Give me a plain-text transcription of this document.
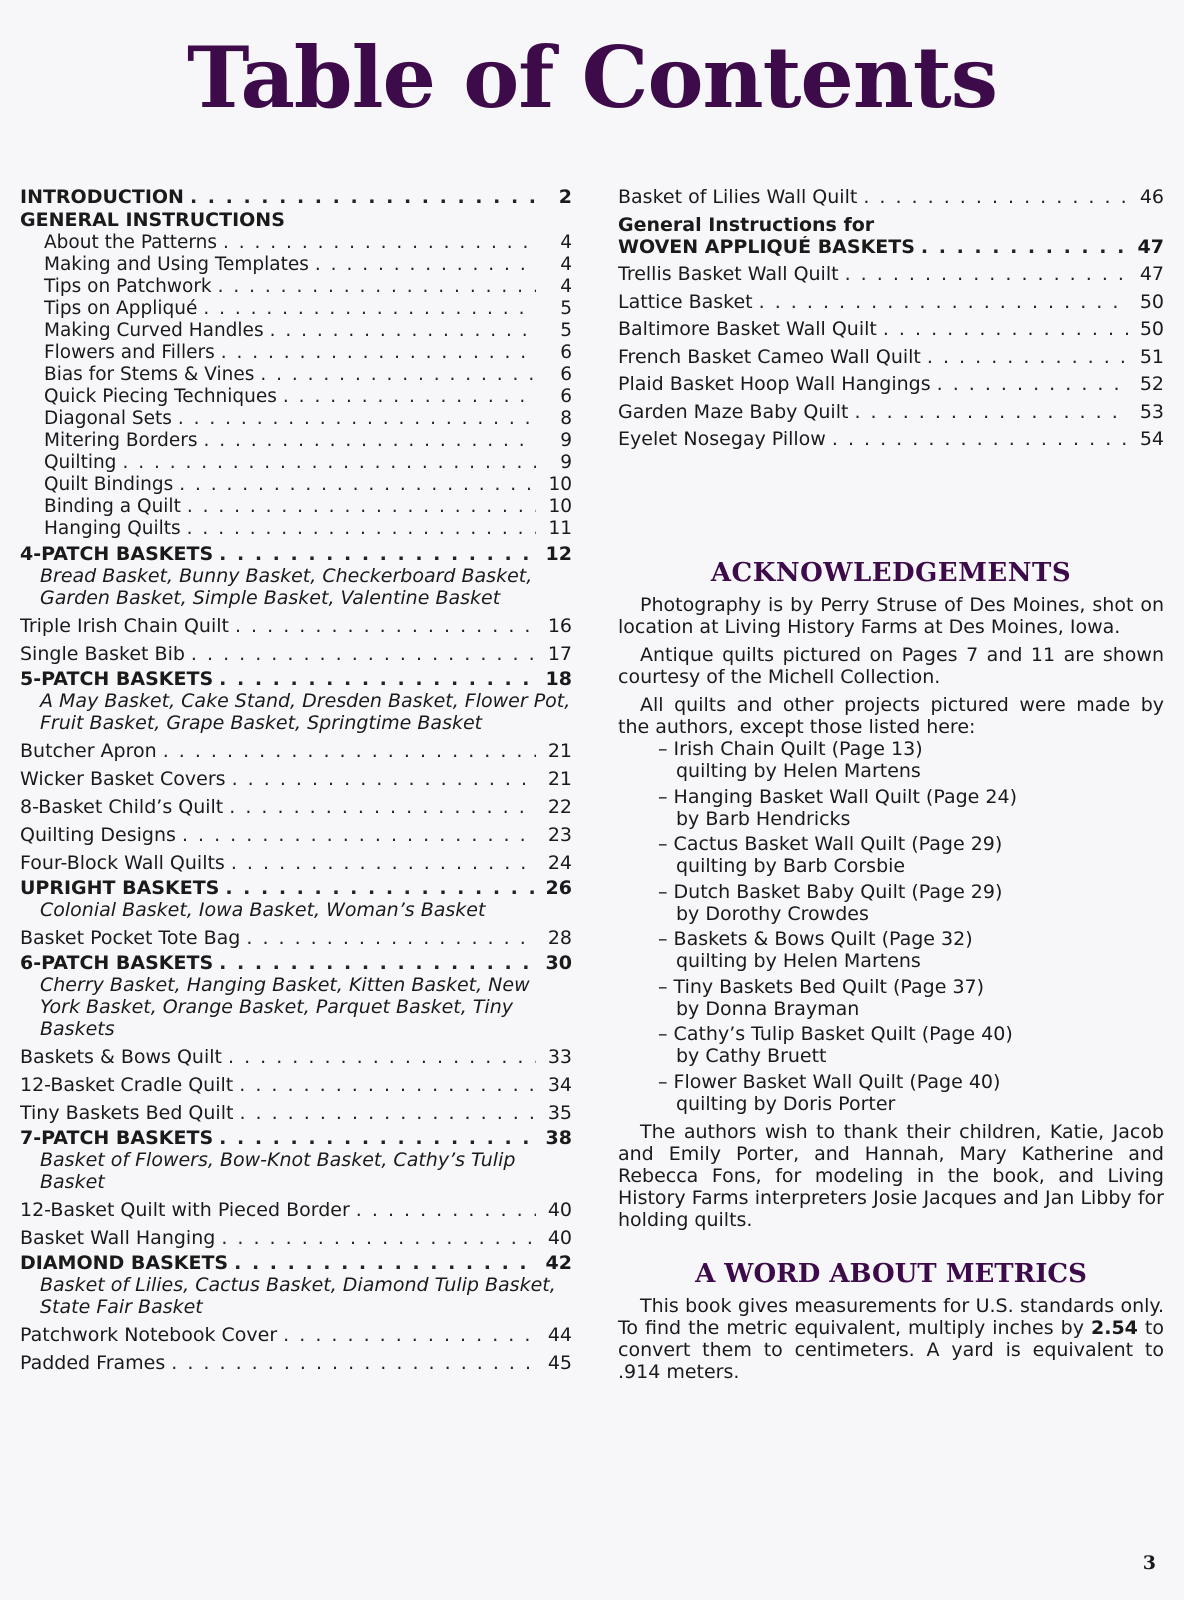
Table of Contents
INTRODUCTION . . .	2
GENERAL INSTRUCTIONS
About the Patterns . . .	4
Making and Using Templates . . .	4
Tips on Patchwork . . .	4
Tips on Appliqué . . .	5
Making Curved Handles . . .	5
Flowers and Fillers . . .	6
Bias for Stems & Vines . . .	6
Quick Piecing Techniques . . .	6
Diagonal Sets . . .	8
Mitering Borders . . .	9
Quilting . . .	9
Quilt Bindings . . .	10
Binding a Quilt . . .	10
Hanging Quilts . . .	11
4-PATCH BASKETS . . .	12
Bread Basket, Bunny Basket, Checkerboard Basket, Garden Basket, Simple Basket, Valentine Basket
Triple Irish Chain Quilt . . .	16
Single Basket Bib . . .	17
5-PATCH BASKETS . . .	18
A May Basket, Cake Stand, Dresden Basket, Flower Pot, Fruit Basket, Grape Basket, Springtime Basket
Butcher Apron . . .	21
Wicker Basket Covers . . .	21
8-Basket Child’s Quilt . . .	22
Quilting Designs . . .	23
Four-Block Wall Quilts . . .	24
UPRIGHT BASKETS . . .	26
Colonial Basket, Iowa Basket, Woman’s Basket
Basket Pocket Tote Bag . . .	28
6-PATCH BASKETS . . .	30
Cherry Basket, Hanging Basket, Kitten Basket, New York Basket, Orange Basket, Parquet Basket, Tiny Baskets
Baskets & Bows Quilt . . .	33
12-Basket Cradle Quilt . . .	34
Tiny Baskets Bed Quilt . . .	35
7-PATCH BASKETS . . .	38
Basket of Flowers, Bow-Knot Basket, Cathy’s Tulip Basket
12-Basket Quilt with Pieced Border . . .	40
Basket Wall Hanging . . .	40
DIAMOND BASKETS . . .	42
Basket of Lilies, Cactus Basket, Diamond Tulip Basket, State Fair Basket
Patchwork Notebook Cover . . .	44
Padded Frames . . .	45
Basket of Lilies Wall Quilt . . .	46
General Instructions for
WOVEN APPLIQUÉ BASKETS . . .	47
Trellis Basket Wall Quilt . . .	47
Lattice Basket . . .	50
Baltimore Basket Wall Quilt . . .	50
French Basket Cameo Wall Quilt . . .	51
Plaid Basket Hoop Wall Hangings . . .	52
Garden Maze Baby Quilt . . .	53
Eyelet Nosegay Pillow . . .	54
ACKNOWLEDGEMENTS

Photography is by Perry Struse of Des Moines, shot on location at Living History Farms at Des Moines, Iowa.

Antique quilts pictured on Pages 7 and 11 are shown courtesy of the Michell Collection.

All quilts and other projects pictured were made by the authors, except those listed here:

– Irish Chain Quilt (Page 13)
quilting by Helen Martens
– Hanging Basket Wall Quilt (Page 24)
by Barb Hendricks
– Cactus Basket Wall Quilt (Page 29)
quilting by Barb Corsbie
– Dutch Basket Baby Quilt (Page 29)
by Dorothy Crowdes
– Baskets & Bows Quilt (Page 32)
quilting by Helen Martens
– Tiny Baskets Bed Quilt (Page 37)
by Donna Brayman
– Cathy’s Tulip Basket Quilt (Page 40)
by Cathy Bruett
– Flower Basket Wall Quilt (Page 40)
quilting by Doris Porter

The authors wish to thank their children, Katie, Jacob and Emily Porter, and Hannah, Mary Katherine and Rebecca Fons, for modeling in the book, and Living History Farms interpreters Josie Jacques and Jan Libby for holding quilts.

A WORD ABOUT METRICS

This book gives measurements for U.S. standards only. To find the metric equivalent, multiply inches by 2.54 to convert them to centimeters. A yard is equivalent to .914 meters.

3
